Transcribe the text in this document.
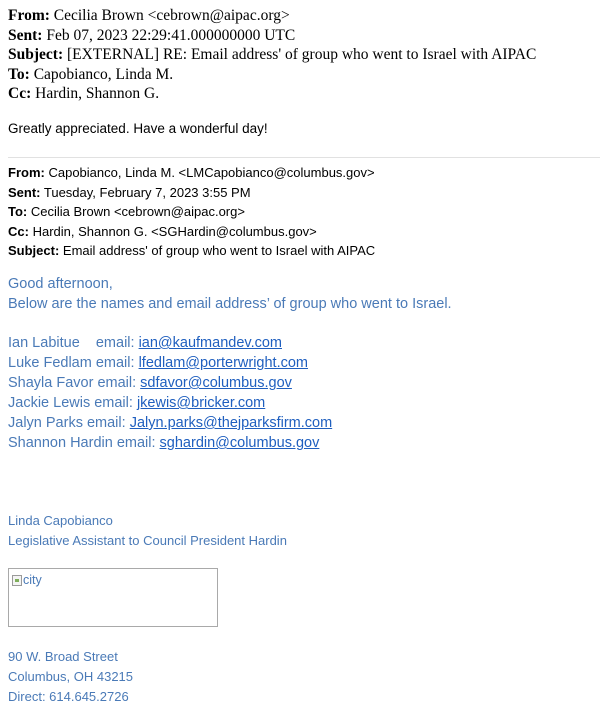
From: Cecilia Brown <cebrown@aipac.org>
Sent: Feb 07, 2023 22:29:41.000000000 UTC
Subject: [EXTERNAL] RE: Email address' of group who went to Israel with AIPAC
To: Capobianco, Linda M.
Cc: Hardin, Shannon G.
Greatly appreciated. Have a wonderful day!
From: Capobianco, Linda M. <LMCapobianco@columbus.gov>
Sent: Tuesday, February 7, 2023 3:55 PM
To: Cecilia Brown <cebrown@aipac.org>
Cc: Hardin, Shannon G. <SGHardin@columbus.gov>
Subject: Email address' of group who went to Israel with AIPAC
Good afternoon,
Below are the names and email address’ of group who went to Israel.
Ian Labitue    email: ian@kaufmandev.com
Luke Fedlam email: lfedlam@porterwright.com
Shayla Favor email: sdfavor@columbus.gov
Jackie Lewis email: jkewis@bricker.com
Jalyn Parks email: Jalyn.parks@thejparksfirm.com
Shannon Hardin email: sghardin@columbus.gov
Linda Capobianco
Legislative Assistant to Council President Hardin
city
90 W. Broad Street
Columbus, OH 43215
Direct: 614.645.2726
